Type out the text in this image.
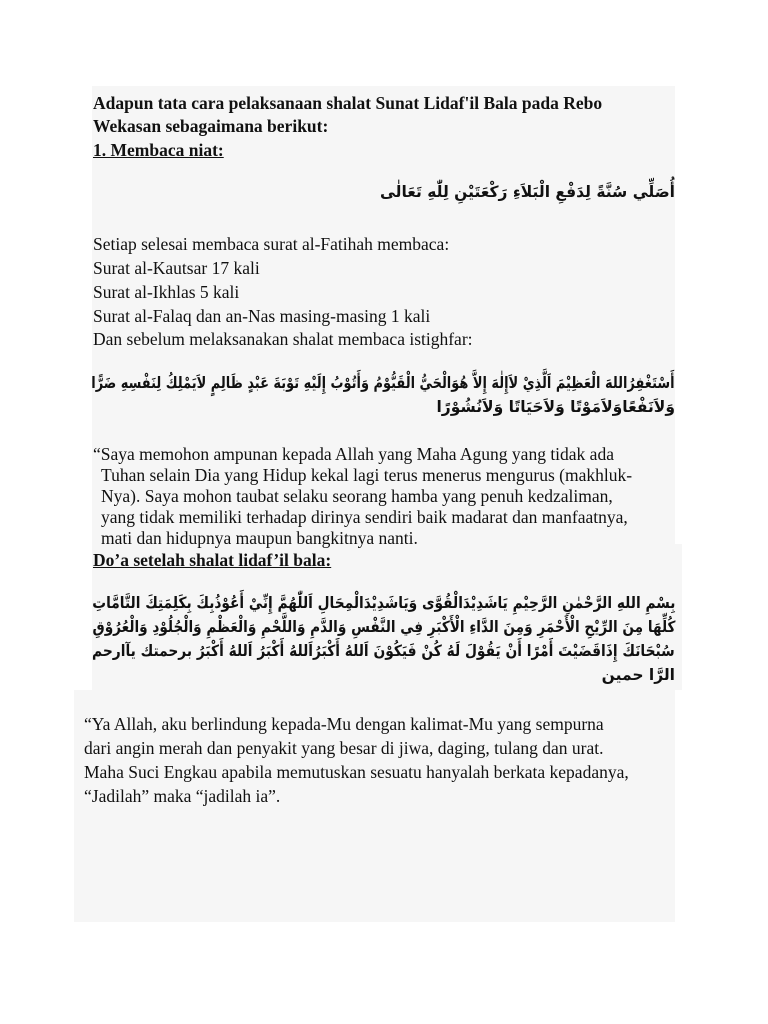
Adapun tata cara pelaksanaan shalat Sunat Lidaf'il Bala pada Rebo

Wekasan sebagaimana berikut:

1. Membaca niat:

أُصَلِّي سُنَّةً لِدَفْعِ الْبَلاَءِ رَكْعَتَيْنِ لِلّٰهِ تَعَالٰى

Setiap selesai membaca surat al-Fatihah membaca:

Surat al-Kautsar 17 kali

Surat al-Ikhlas 5 kali

Surat al-Falaq dan an-Nas masing-masing 1 kali

Dan sebelum melaksanakan shalat membaca istighfar:

أَسْتَغْفِرُاللهَ الْعَظِيْمَ اَلَّذِيْ لاَإِلٰهَ إِلاَّ هُوَالْحَيُّ الْقَيُّوْمُ وَأَتُوْبُ إِلَيْهِ تَوْبَةَ عَبْدٍ ظَالِمٍ لاَيَمْلِكُ لِنَفْسِهِ ضَرًّا

وَلاَنَفْعًاوَلاَمَوْتًا وَلاَحَيَاتًا وَلاَنُشُوْرًا

“Saya memohon ampunan kepada Allah yang Maha Agung yang tidak ada

Tuhan selain Dia yang Hidup kekal lagi terus menerus mengurus (makhluk-

Nya). Saya mohon taubat selaku seorang hamba yang penuh kedzaliman,

yang tidak memiliki terhadap dirinya sendiri baik madarat dan manfaatnya,

mati dan hidupnya maupun bangkitnya nanti.

Do’a setelah shalat lidaf’il bala:

بِسْمِ اللهِ الرَّحْمٰنِ الرَّحِيْمِ يَاشَدِيْدَالْقُوَّى وَيَاشَدِيْدَالْمِحَالِ اَللّٰهُمَّ إِنِّيْ أَعُوْذُبِكَ بِكَلِمَتِكَ التَّامَّاتِ

كُلِّهَا مِنَ الرِّيْحِ الْأَحْمَرِ وَمِنَ الدَّاءِ الْأَكْبَرِ فِي النَّفْسِ وَالدَّمِ وَاللَّحْمِ وَالْعَظْمِ وَالْجُلُوْدِ وَالْعُرُوْقِ

سُبْحَانَكَ إِذَاقَضَيْتَ أَمْرًا أَنْ يَقُوْلَ لَهُ كُنْ فَيَكُوْنَ اَللهُ أَكْبَرُاَللهُ أَكْبَرُ اَللهُ أَكْبَرُ برحمتك يآارحم

الرَّا حمين

“Ya Allah, aku berlindung kepada-Mu dengan kalimat-Mu yang sempurna

dari angin merah dan penyakit yang besar di jiwa, daging, tulang dan urat.

Maha Suci Engkau apabila memutuskan sesuatu hanyalah berkata kepadanya,

“Jadilah” maka “jadilah ia”.
